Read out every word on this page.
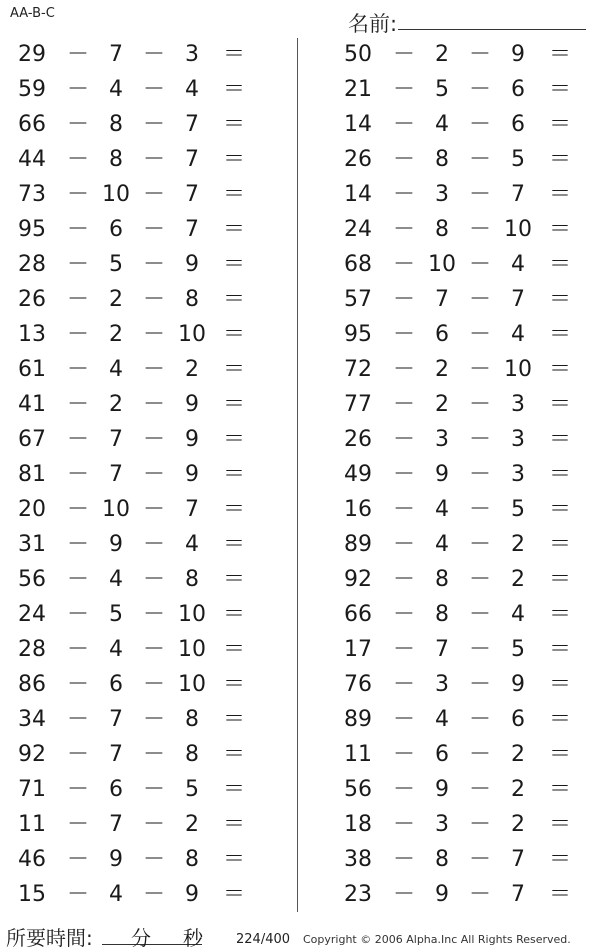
AA-B-C	名前:
29 － 7 － 3	＝
59 － 4 － 4	＝
66 － 8 － 7	＝
44 － 8 － 7	＝
73 － 10 － 7	＝
95 － 6 － 7	＝
28 － 5 － 9	＝
26 － 2 － 8	＝
13 － 2 － 10 ＝
61 － 4 － 2	＝
41 － 2 － 9	＝
67 － 7 － 9	＝
81 － 7 － 9	＝
20 － 10 － 7	＝
31 － 9 － 4	＝
56 － 4 － 8	＝
24 － 5 － 10 ＝
28 － 4 － 10 ＝
86 － 6 － 10 ＝
34 － 7 － 8	＝
92 － 7 － 8	＝
71 － 6 － 5	＝
11 － 7 － 2	＝
46 － 9 － 8	＝
15 － 4 － 9	＝
50 － 2 － 9	＝
21 － 5 － 6	＝
14 － 4 － 6	＝
26 － 8 － 5	＝
14 － 3 － 7	＝
24 － 8 － 10 ＝
68 － 10 － 4	＝
57 － 7 － 7	＝
95 － 6 － 4	＝
72 － 2 － 10 ＝
77 － 2 － 3	＝
26 － 3 － 3	＝
49 － 9 － 3	＝
16 － 4 － 5	＝
89 － 4 － 2	＝
92 － 8 － 2	＝
66 － 8 － 4	＝
17 － 7 － 5	＝
76 － 3 － 9	＝
89 － 4 － 6	＝
11 － 6 － 2	＝
56 － 9 － 2	＝
18 － 3 － 2	＝
38 － 8 － 7	＝
23 － 9 － 7	＝
所要時間: 分 秒	224/400 Copyright © 2006 Alpha.Inc All Rights Reserved.
